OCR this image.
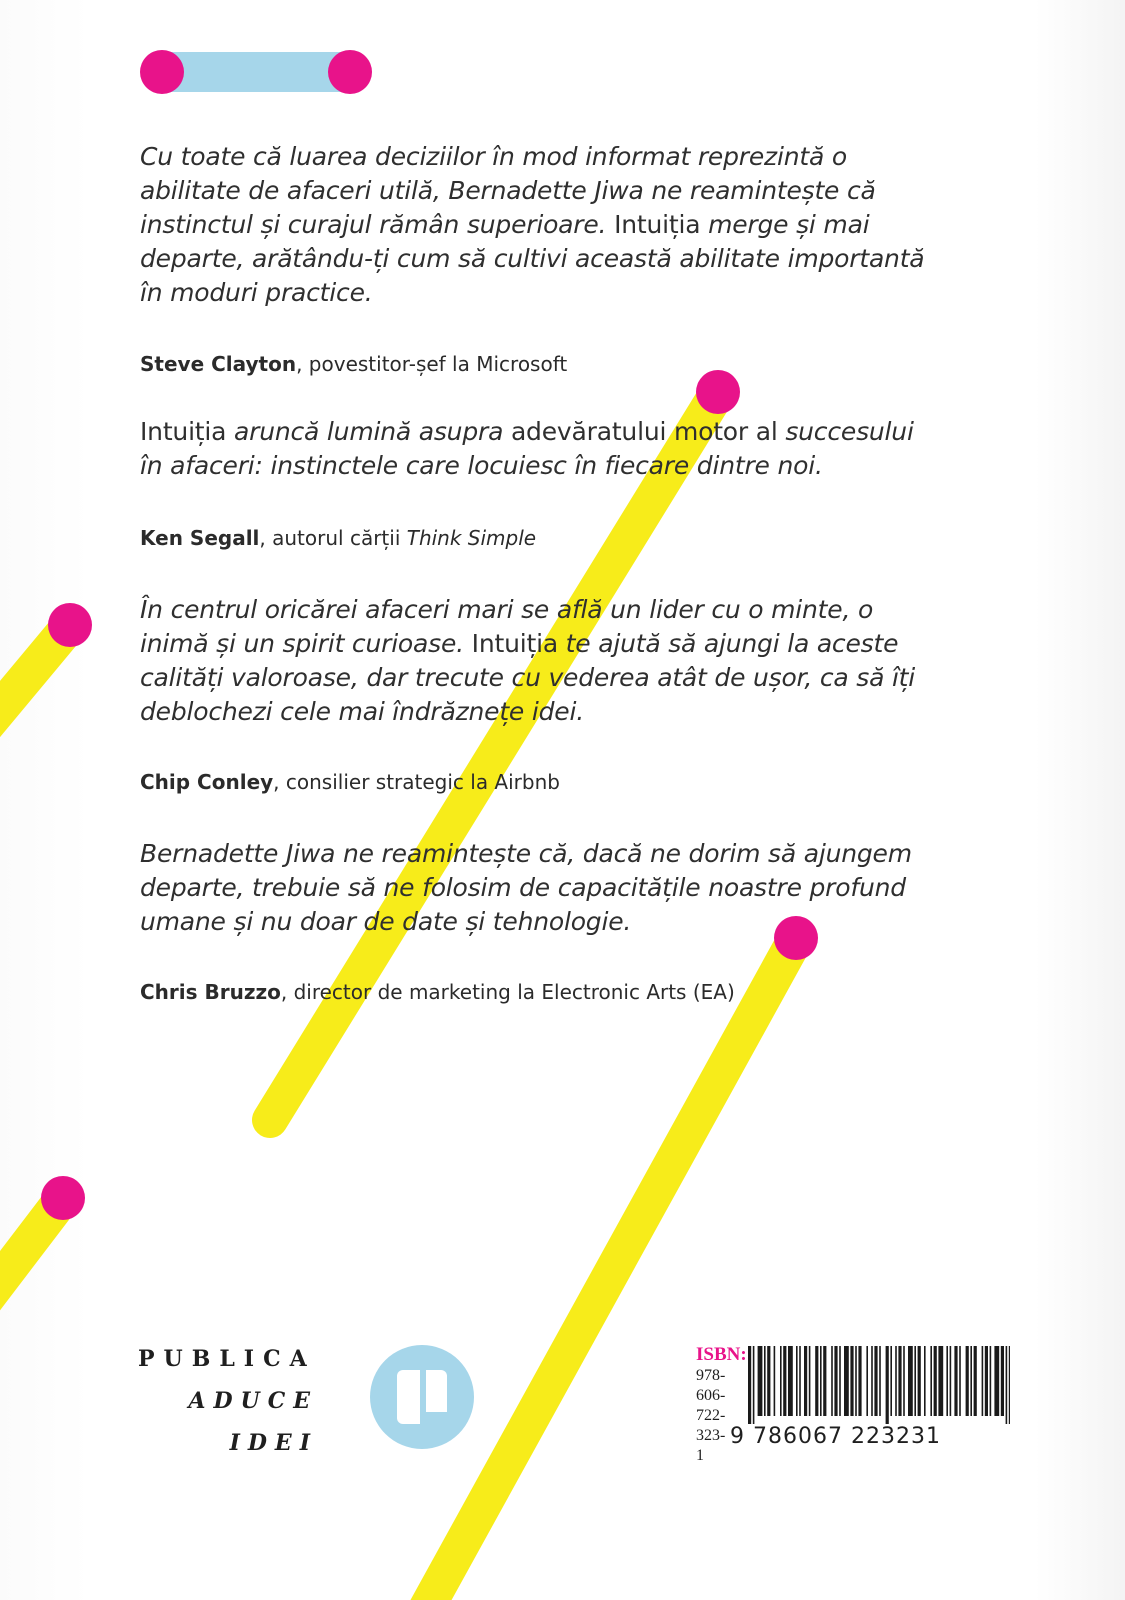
Cu toate că luarea deciziilor în mod informat reprezintă o abilitate de afaceri utilă, Bernadette Jiwa ne reamintește că instinctul și curajul rămân superioare. Intuiția merge și mai departe, arătându-ți cum să cultivi această abilitate importantă în moduri practice.

Steve Clayton, povestitor-șef la Microsoft

Intuiția aruncă lumină asupra adevăratului motor al succesului în afaceri: instinctele care locuiesc în fiecare dintre noi.

Ken Segall, autorul cărții Think Simple

În centrul oricărei afaceri mari se află un lider cu o minte, o inimă și un spirit curioase. Intuiția te ajută să ajungi la aceste calități valoroase, dar trecute cu vederea atât de ușor, ca să îți deblochezi cele mai îndrăznețe idei.

Chip Conley, consilier strategic la Airbnb

Bernadette Jiwa ne reamintește că, dacă ne dorim să ajungem departe, trebuie să ne folosim de capacitățile noastre profund umane și nu doar de date și tehnologie.

Chris Bruzzo, director de marketing la Electronic Arts (EA)

PUBLICA
ADUCE
IDEI
ISBN:
978-
606-
722-
323-
1
9 786067 223231
